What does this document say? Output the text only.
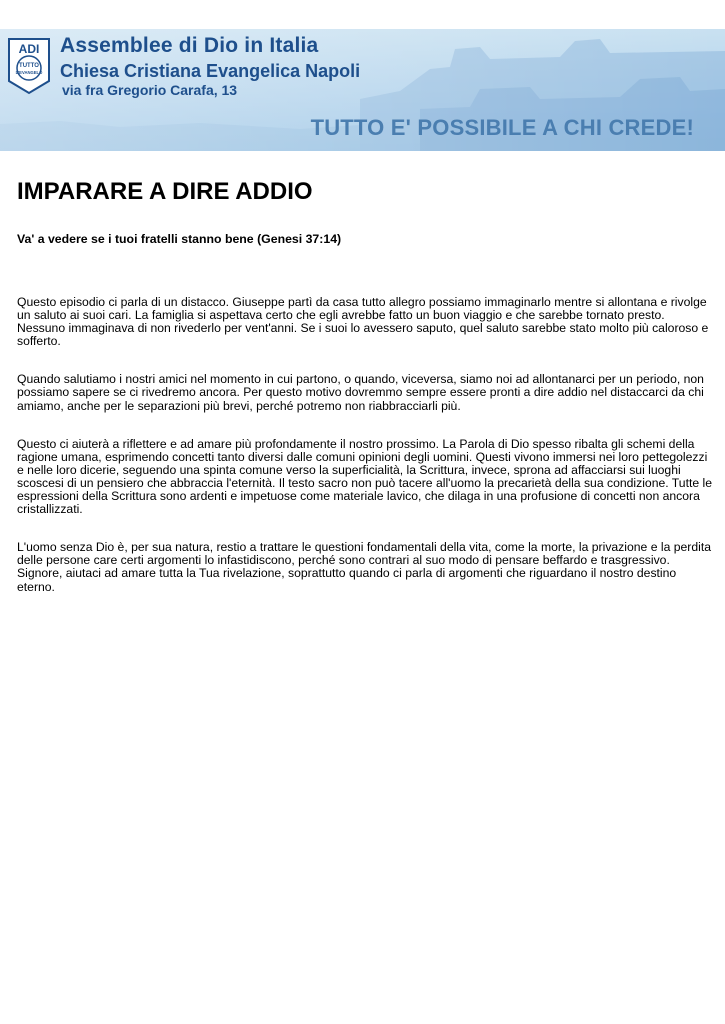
ADI
TUTTO
L'EVANGELO
Assemblee di Dio in Italia
Chiesa Cristiana Evangelica Napoli
via fra Gregorio Carafa, 13
TUTTO E' POSSIBILE A CHI CREDE!
IMPARARE A DIRE ADDIO
Va' a vedere se i tuoi fratelli stanno bene (Genesi 37:14)

Questo episodio ci parla di un distacco. Giuseppe partì da casa tutto allegro possiamo immaginarlo mentre si allontana e rivolge un saluto ai suoi cari. La famiglia si aspettava certo che egli avrebbe fatto un buon viaggio e che sarebbe tornato presto. Nessuno immaginava di non rivederlo per vent'anni. Se i suoi lo avessero saputo, quel saluto sarebbe stato molto più caloroso e sofferto.

Quando salutiamo i nostri amici nel momento in cui partono, o quando, viceversa, siamo noi ad allontanarci per un periodo, non possiamo sapere se ci rivedremo ancora. Per questo motivo dovremmo sempre essere pronti a dire addio nel distaccarci da chi amiamo, anche per le separazioni più brevi, perché potremo non riabbracciarli più.

Questo ci aiuterà a riflettere e ad amare più profondamente il nostro prossimo. La Parola di Dio spesso ribalta gli schemi della ragione umana, esprimendo concetti tanto diversi dalle comuni opinioni degli uomini. Questi vivono immersi nei loro pettegolezzi e nelle loro dicerie, seguendo una spinta comune verso la superficialità, la Scrittura, invece, sprona ad affacciarsi sui luoghi scoscesi di un pensiero che abbraccia l'eternità. Il testo sacro non può tacere all'uomo la precarietà della sua condizione. Tutte le espressioni della Scrittura sono ardenti e impetuose come materiale lavico, che dilaga in una profusione di concetti non ancora cristallizzati.

L'uomo senza Dio è, per sua natura, restio a trattare le questioni fondamentali della vita, come la morte, la privazione e la perdita delle persone care certi argomenti lo infastidiscono, perché sono contrari al suo modo di pensare beffardo e trasgressivo. Signore, aiutaci ad amare tutta la Tua rivelazione, soprattutto quando ci parla di argomenti che riguardano il nostro destino eterno.
